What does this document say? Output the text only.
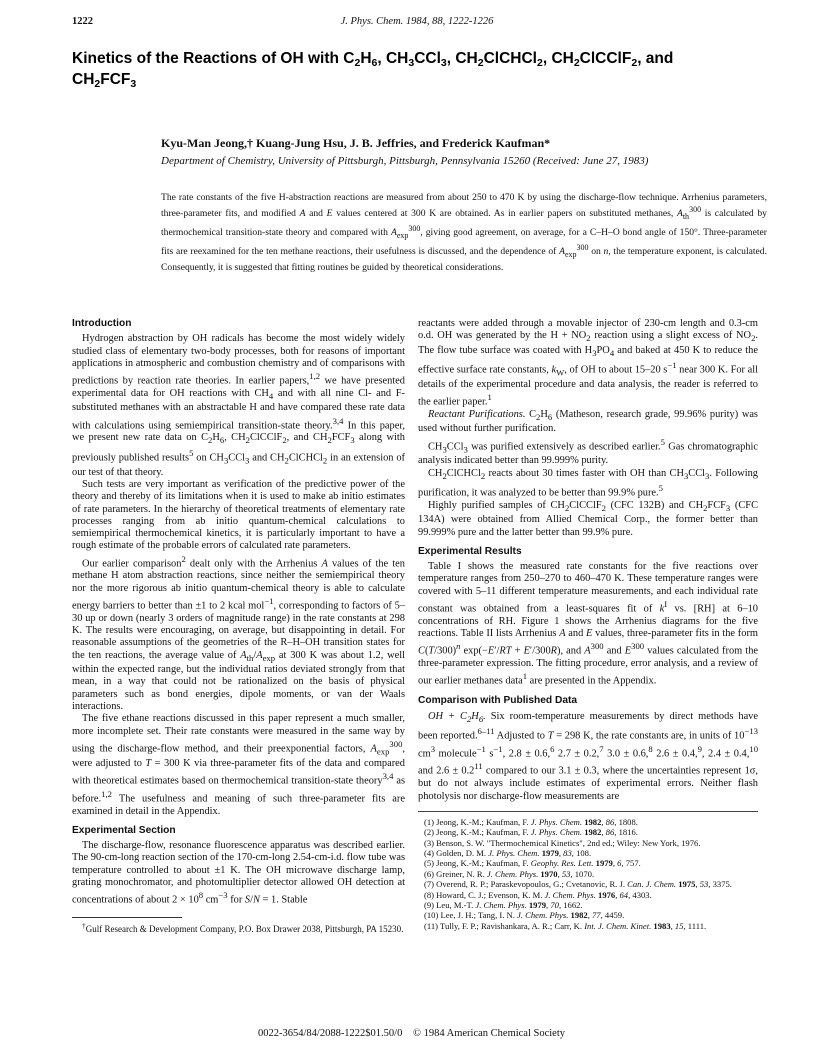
1222	J. Phys. Chem. 1984, 88, 1222-1226
Kinetics of the Reactions of OH with $C_2H_6$, $CH_3CCl_3$, $CH_2ClCHCl_2$, $CH_2ClCClF_2$, and
$CH_2FCF_3$
Kyu-Man Jeong,† Kuang-Jung Hsu, J. B. Jeffries, and Frederick Kaufman*
Department of Chemistry, University of Pittsburgh, Pittsburgh, Pennsylvania 15260 (Received: June 27, 1983)
The rate constants of the five H-abstraction reactions are measured from about 250 to 470 K by using the discharge-flow technique. Arrhenius parameters, three-parameter fits, and modified A and E values centered at 300 K are obtained. As in earlier papers on substituted methanes, $A_{th}^{300}$ is calculated by thermochemical transition-state theory and compared with $A_{exp}^{300}$, giving good agreement, on average, for a C–H–O bond angle of 150°. Three-parameter fits are reexamined for the ten methane reactions, their usefulness is discussed, and the dependence of $A_{exp}^{300}$ on n, the temperature exponent, is calculated. Consequently, it is suggested that fitting routines be guided by theoretical considerations.
Introduction

Hydrogen abstraction by OH radicals has become the most widely widely studied class of elementary two-body processes, both for reasons of important applications in atmospheric and combustion chemistry and of comparisons with predictions by reaction rate theories. In earlier papers,$^{1,2}$ we have presented experimental data for OH reactions with $CH_4$ and with all nine Cl- and F-substituted methanes with an abstractable H and have compared these rate data with calculations using semiempirical transition-state theory.$^{3,4}$ In this paper, we present new rate data on $C_2H_6$, $CH_2ClCClF_2$, and $CH_2FCF_3$ along with previously published results$^5$ on $CH_3CCl_3$ and $CH_2ClCHCl_2$ in an extension of our test of that theory.

Such tests are very important as verification of the predictive power of the theory and thereby of its limitations when it is used to make ab initio estimates of rate parameters. In the hierarchy of theoretical treatments of elementary rate processes ranging from ab initio quantum-chemical calculations to semiempirical thermochemical kinetics, it is particularly important to have a rough estimate of the probable errors of calculated rate parameters.

Our earlier comparison$^2$ dealt only with the Arrhenius A values of the ten methane H atom abstraction reactions, since neither the semiempirical theory nor the more rigorous ab initio quantum-chemical theory is able to calculate energy barriers to better than ±1 to 2 kcal mol$^{-1}$, corresponding to factors of 5–30 up or down (nearly 3 orders of magnitude range) in the rate constants at 298 K. The results were encouraging, on average, but disappointing in detail. For reasonable assumptions of the geometries of the R–H–OH transition states for the ten reactions, the average value of $A_{th}/A_{exp}$ at 300 K was about 1.2, well within the expected range, but the individual ratios deviated strongly from that mean, in a way that could not be rationalized on the basis of physical parameters such as bond energies, dipole moments, or van der Waals interactions.

The five ethane reactions discussed in this paper represent a much smaller, more incomplete set. Their rate constants were measured in the same way by using the discharge-flow method, and their preexponential factors, $A_{exp}^{300}$, were adjusted to T = 300 K via three-parameter fits of the data and compared with theoretical estimates based on thermochemical transition-state theory$^{3,4}$ as before.$^{1,2}$ The usefulness and meaning of such three-parameter fits are examined in detail in the Appendix.

Experimental Section

The discharge-flow, resonance fluorescence apparatus was described earlier. The 90-cm-long reaction section of the 170-cm-long 2.54-cm-i.d. flow tube was temperature controlled to about ±1 K. The OH microwave discharge lamp, grating monochromator, and photomultiplier detector allowed OH detection at concentrations of about $2 \times 10^8$ $cm^{-3}$ for S/N = 1. Stable

†Gulf Research & Development Company, P.O. Box Drawer 2038, Pittsburgh, PA 15230.

reactants were added through a movable injector of 230-cm length and 0.3-cm o.d. OH was generated by the $H + NO_2$ reaction using a slight excess of $NO_2$. The flow tube surface was coated with $H_3PO_4$ and baked at 450 K to reduce the effective surface rate constants, $k_W$, of OH to about 15–20 $s^{-1}$ near 300 K. For all details of the experimental procedure and data analysis, the reader is referred to the earlier paper.$^1$

Reactant Purifications. $C_2H_6$ (Matheson, research grade, 99.96% purity) was used without further purification.

$CH_3CCl_3$ was purified extensively as described earlier.$^5$ Gas chromatographic analysis indicated better than 99.999% purity.

$CH_2ClCHCl_2$ reacts about 30 times faster with OH than $CH_3CCl_3$. Following purification, it was analyzed to be better than 99.9% pure.$^5$

Highly purified samples of $CH_2ClCClF_2$ (CFC 132B) and $CH_2FCF_3$ (CFC 134A) were obtained from Allied Chemical Corp., the former better than 99.999% pure and the latter better than 99.9% pure.

Experimental Results

Table I shows the measured rate constants for the five reactions over temperature ranges from 250–270 to 460–470 K. These temperature ranges were covered with 5–11 different temperature measurements, and each individual rate constant was obtained from a least-squares fit of $k^I$ vs. [RH] at 6–10 concentrations of RH. Figure 1 shows the Arrhenius diagrams for the five reactions. Table II lists Arrhenius A and E values, three-parameter fits in the form $C(T/300)^n$ exp(−E′/RT + E′/300R), and $A^{300}$ and $E^{300}$ values calculated from the three-parameter expression. The fitting procedure, error analysis, and a review of our earlier methanes data$^1$ are presented in the Appendix.

Comparison with Published Data

OH + $C_2H_6$. Six room-temperature measurements by direct methods have been reported.$^{6-11}$ Adjusted to T = 298 K, the rate constants are, in units of $10^{-13}$ $cm^3$ molecule$^{-1}$ $s^{-1}$, 2.8 ± 0.6,$^6$ 2.7 ± 0.2,$^7$ 3.0 ± 0.6,$^8$ 2.6 ± 0.4,$^9$, 2.4 ± 0.4,10 and $2.6 \pm 0.2^{11}$ compared to our 3.1 ± 0.3, where the uncertainties represent 1σ, but do not always include estimates of experimental errors. Neither flash photolysis nor discharge-flow measurements are

(1) Jeong, K.-M.; Kaufman, F. J. Phys. Chem. 1982, 86, 1808.
(2) Jeong, K.-M.; Kaufman, F. J. Phys. Chem. 1982, 86, 1816.
(3) Benson, S. W. "Thermochemical Kinetics", 2nd ed.; Wiley: New York, 1976.
(4) Golden, D. M. J. Phys. Chem. 1979, 83, 108.
(5) Jeong, K.-M.; Kaufman, F. Geophy. Res. Lett. 1979, 6, 757.
(6) Greiner, N. R. J. Chem. Phys. 1970, 53, 1070.
(7) Overend, R. P.; Paraskevopoulos, G.; Cvetanovic, R. J. Can. J. Chem. 1975, 53, 3375.
(8) Howard, C. J.; Evenson, K. M. J. Chem. Phys. 1976, 64, 4303.
(9) Leu, M.-T. J. Chem. Phys. 1979, 70, 1662.
(10) Lee, J. H.; Tang, I. N. J. Chem. Phys. 1982, 77, 4459.
(11) Tully, F. P.; Ravishankara, A. R.; Carr, K. Int. J. Chem. Kinet. 1983, 15, 1111.
0022-3654/84/2088-1222$01.50/0 © 1984 American Chemical Society
